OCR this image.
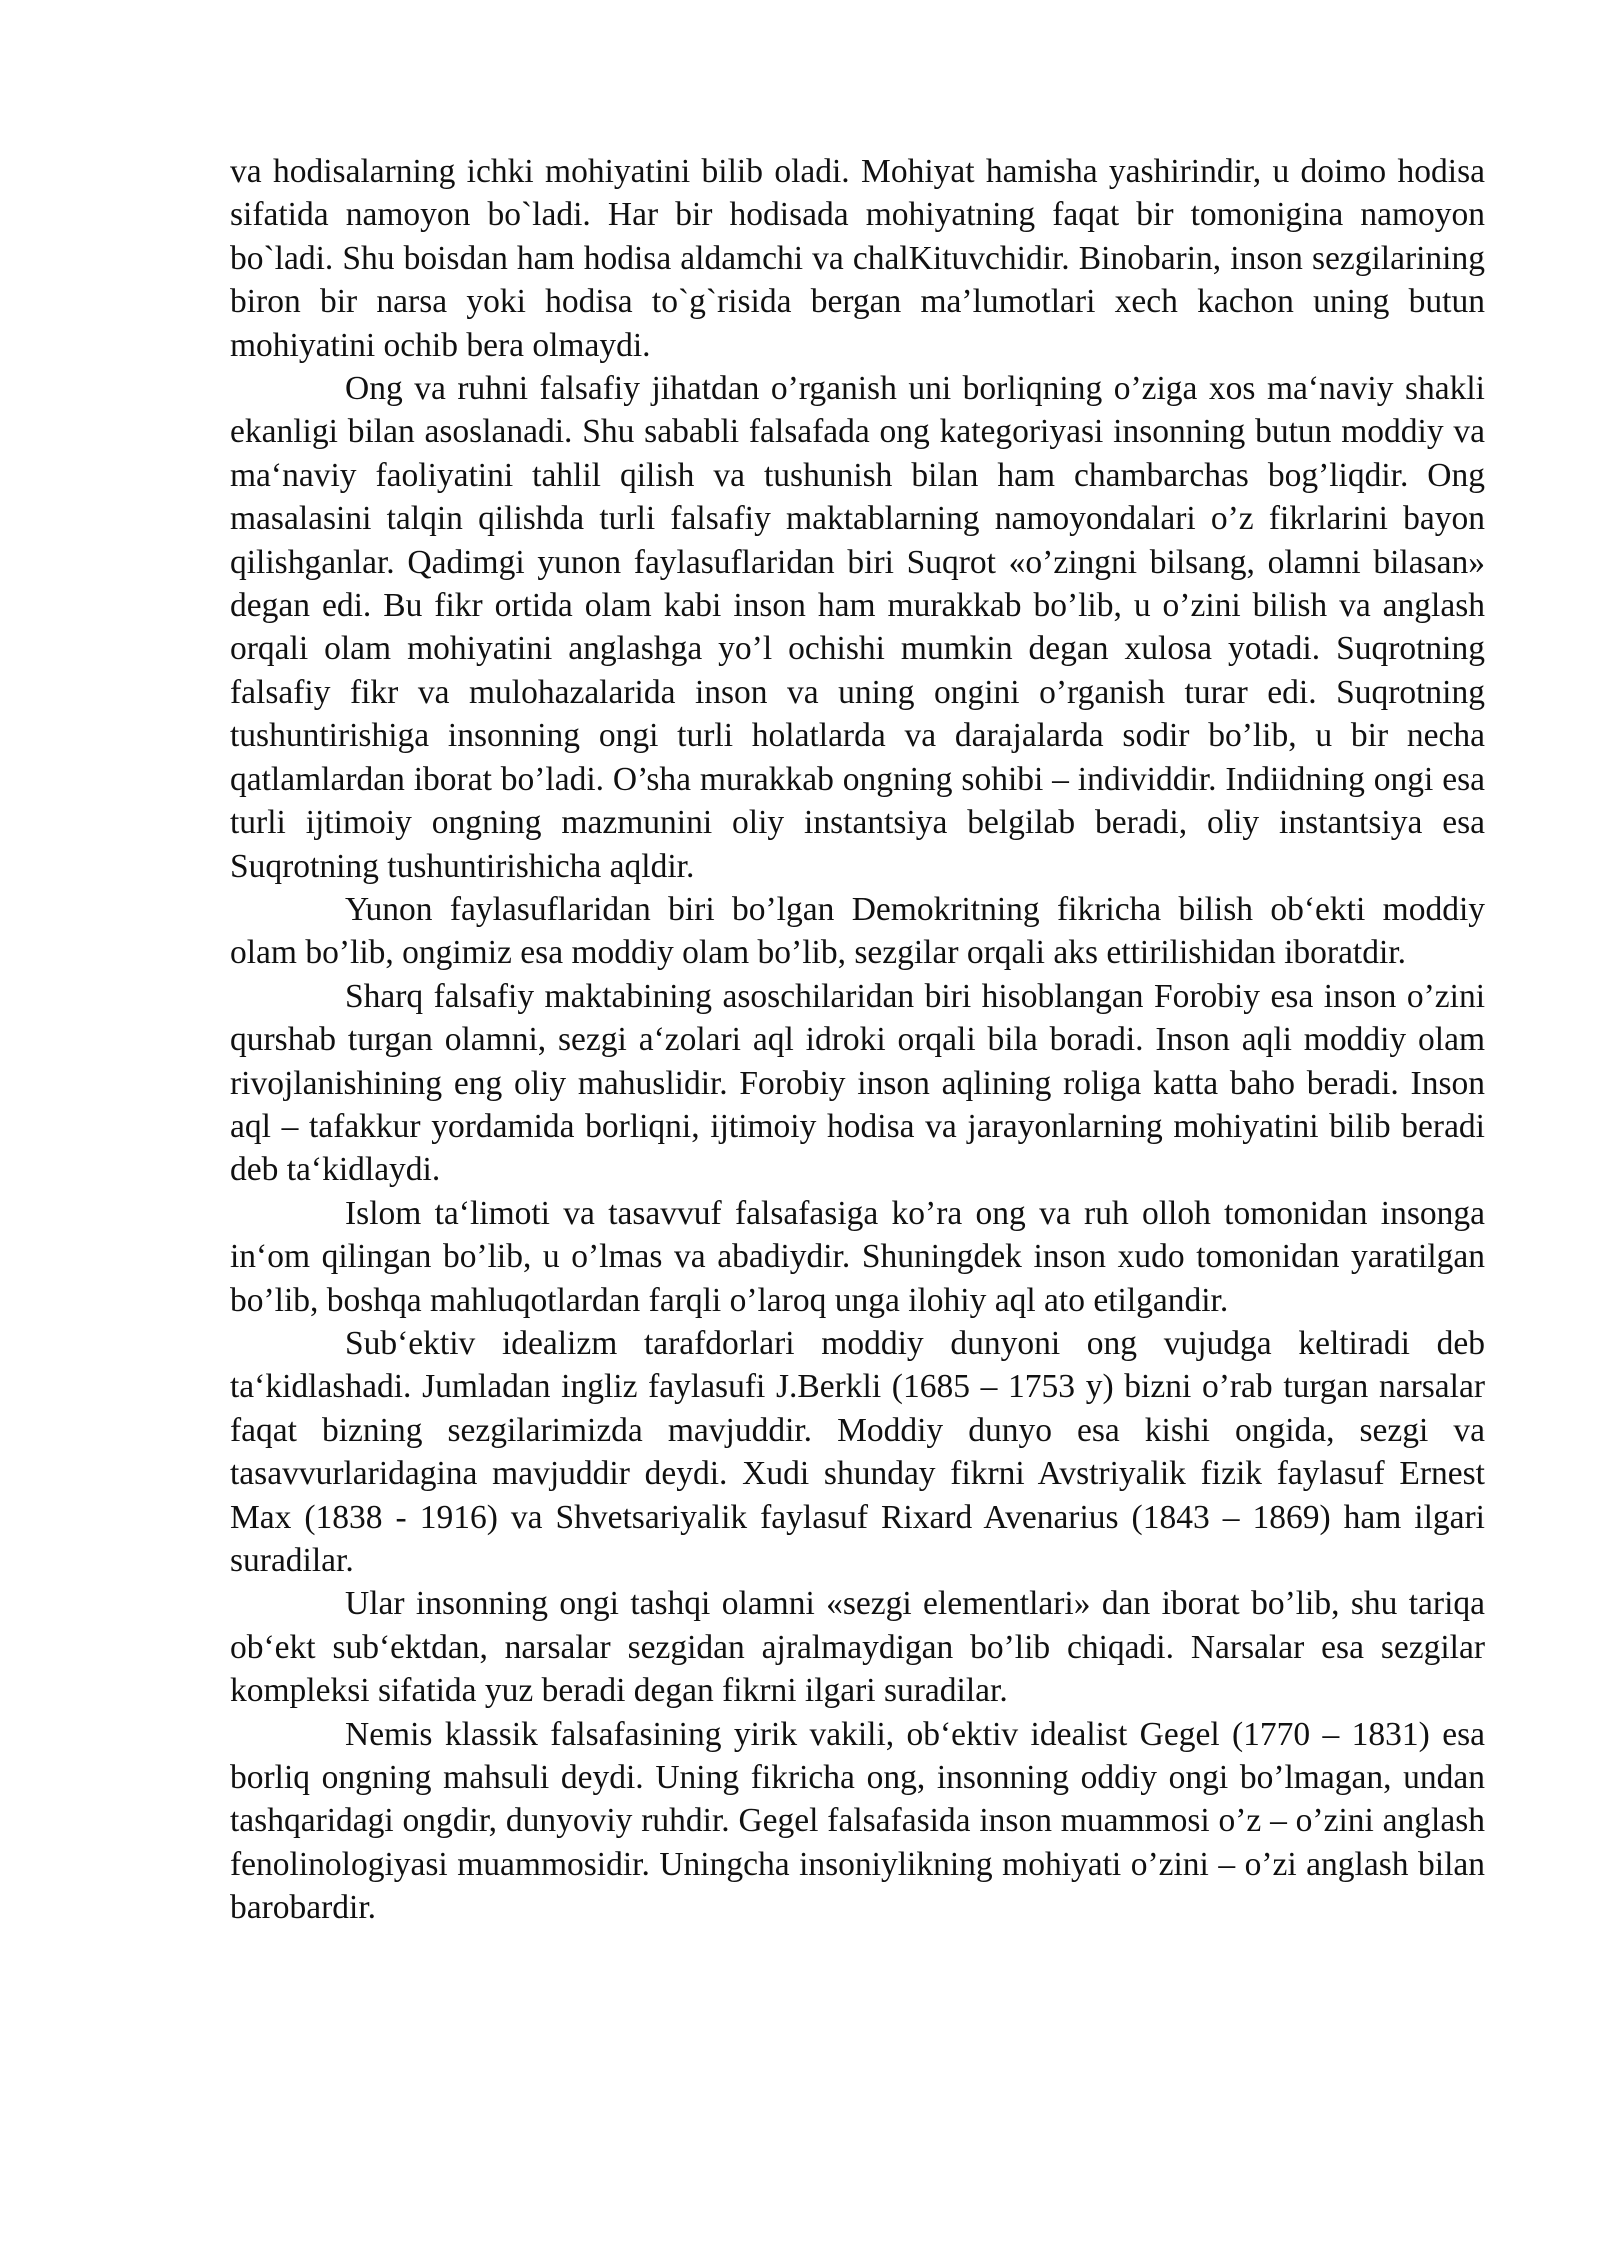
va hodisalarning ichki mohiyatini bilib oladi. Mohiyat hamisha yashirindir, u doimo hodisa sifatida namoyon bo`ladi. Har bir hodisada mohiyatning faqat bir tomonigina namoyon bo`ladi. Shu boisdan ham hodisa aldamchi va chalKituvchidir. Binobarin, inson sezgilarining biron bir narsa yoki hodisa to`g`risida bergan ma’lumotlari xech kachon uning butun mohiyatini ochib bera olmaydi.

Ong va ruhni falsafiy jihatdan o’rganish uni borliqning o’ziga xos ma‘naviy shakli ekanligi bilan asoslanadi. Shu sababli falsafada ong kategoriyasi insonning butun moddiy va ma‘naviy faoliyatini tahlil qilish va tushunish bilan ham chambarchas bog’liqdir. Ong masalasini talqin qilishda turli falsafiy maktablarning namoyondalari o’z fikrlarini bayon qilishganlar. Qadimgi yunon faylasuflaridan biri Suqrot «o’zingni bilsang, olamni bilasan» degan edi. Bu fikr ortida olam kabi inson ham murakkab bo’lib, u o’zini bilish va anglash orqali olam mohiyatini anglashga yo’l ochishi mumkin degan xulosa yotadi. Suqrotning falsafiy fikr va mulohazalarida inson va uning ongini o’rganish turar edi. Suqrotning tushuntirishiga insonning ongi turli holatlarda va darajalarda sodir bo’lib, u bir necha qatlamlardan iborat bo’ladi. O’sha murakkab ongning sohibi – individdir. Indiidning ongi esa turli ijtimoiy ongning mazmunini oliy instantsiya belgilab beradi, oliy instantsiya esa Suqrotning tushuntirishicha aqldir.

Yunon faylasuflaridan biri bo’lgan Demokritning fikricha bilish ob‘ekti moddiy olam bo’lib, ongimiz esa moddiy olam bo’lib, sezgilar orqali aks ettirilishidan iboratdir.

Sharq falsafiy maktabining asoschilaridan biri hisoblangan Forobiy esa inson o’zini qurshab turgan olamni, sezgi a‘zolari aql idroki orqali bila boradi. Inson aqli moddiy olam rivojlanishining eng oliy mahuslidir. Forobiy inson aqlining roliga katta baho beradi. Inson aql – tafakkur yordamida borliqni, ijtimoiy hodisa va jarayonlarning mohiyatini bilib beradi deb ta‘kidlaydi.

Islom ta‘limoti va tasavvuf falsafasiga ko’ra ong va ruh olloh tomonidan insonga in‘om qilingan bo’lib, u o’lmas va abadiydir. Shuningdek inson xudo tomonidan yaratilgan bo’lib, boshqa mahluqotlardan farqli o’laroq unga ilohiy aql ato etilgandir.

Sub‘ektiv idealizm tarafdorlari moddiy dunyoni ong vujudga keltiradi deb ta‘kidlashadi. Jumladan ingliz faylasufi J.Berkli (1685 – 1753 y) bizni o’rab turgan narsalar faqat bizning sezgilarimizda mavjuddir. Moddiy dunyo esa kishi ongida, sezgi va tasavvurlaridagina mavjuddir deydi. Xudi shunday fikrni Avstriyalik fizik faylasuf Ernest Max (1838 - 1916) va Shvetsariyalik faylasuf Rixard Avenarius (1843 – 1869) ham ilgari suradilar.

Ular insonning ongi tashqi olamni «sezgi elementlari» dan iborat bo’lib, shu tariqa ob‘ekt sub‘ektdan, narsalar sezgidan ajralmaydigan bo’lib chiqadi. Narsalar esa sezgilar kompleksi sifatida yuz beradi degan fikrni ilgari suradilar.

Nemis klassik falsafasining yirik vakili, ob‘ektiv idealist Gegel (1770 – 1831) esa borliq ongning mahsuli deydi. Uning fikricha ong, insonning oddiy ongi bo’lmagan, undan tashqaridagi ongdir, dunyoviy ruhdir. Gegel falsafasida inson muammosi o’z – o’zini anglash fenolinologiyasi muammosidir. Uningcha insoniylikning mohiyati o’zini – o’zi anglash bilan barobardir.
